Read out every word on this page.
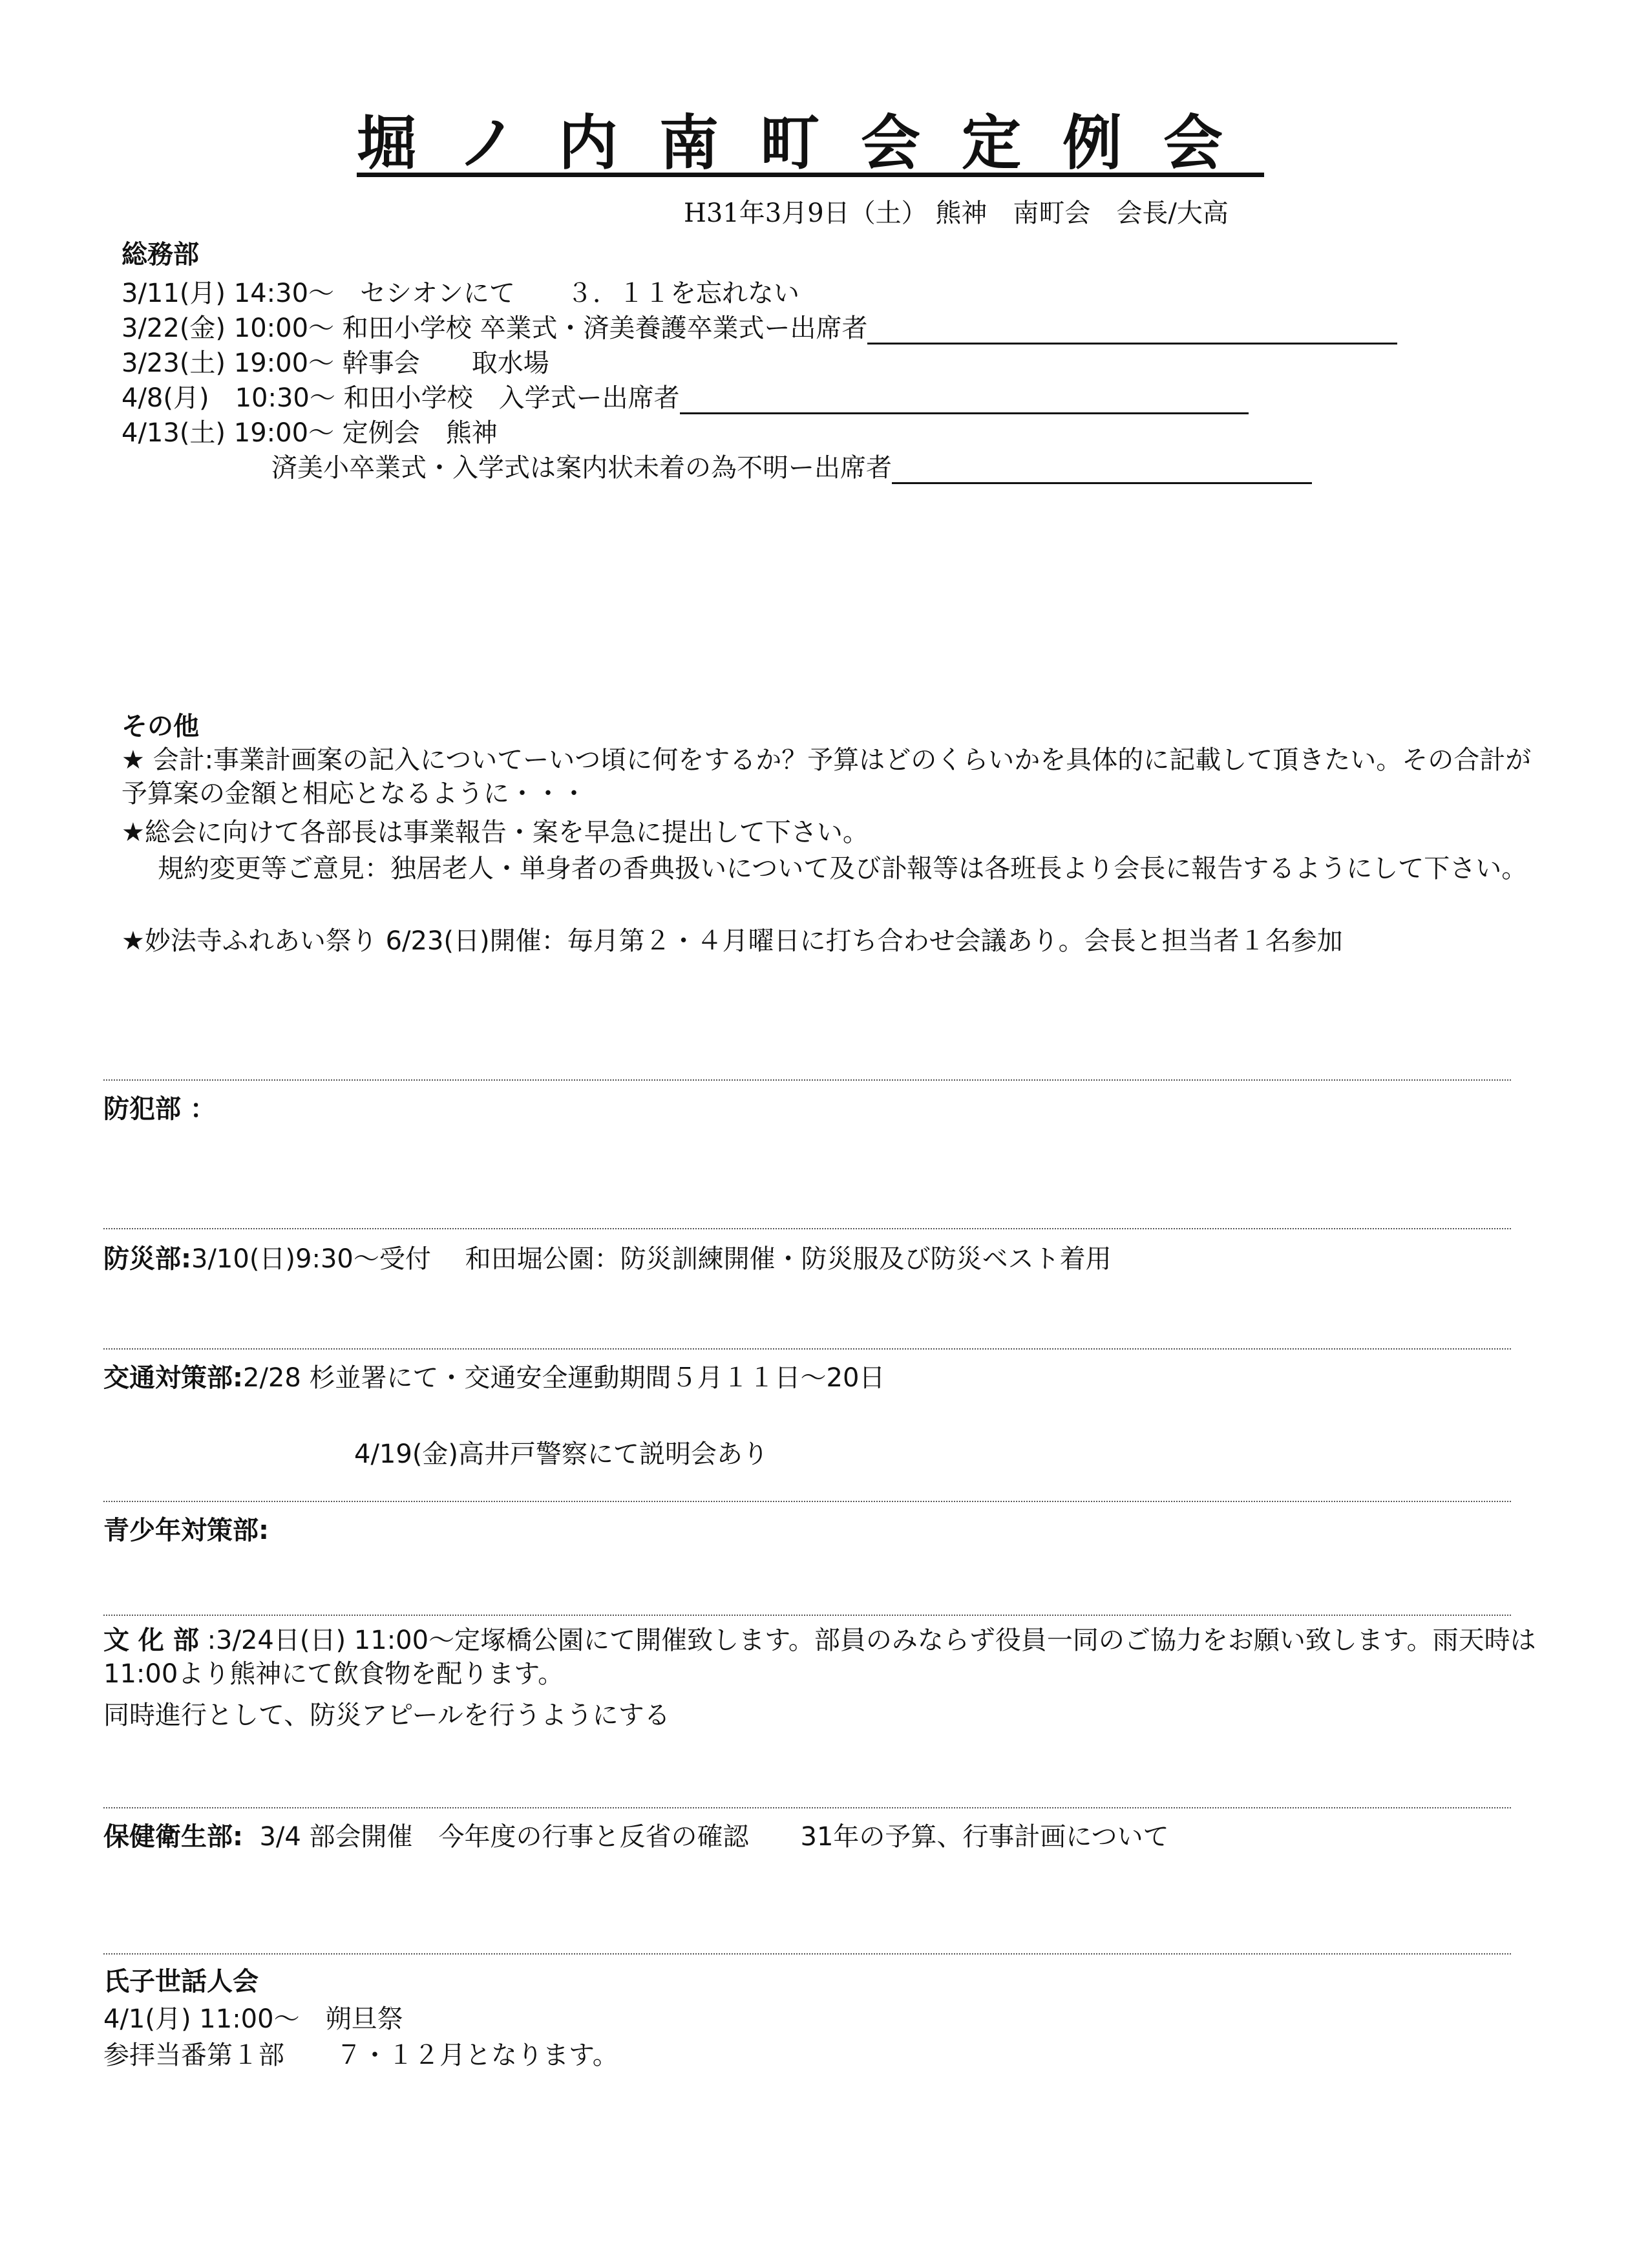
堀ノ内南町会定例会
H31年3月9日（土） 熊神　南町会　会長/大高
総務部
3/11(月) 14:30～　セシオンにて　　３．１１を忘れない
3/22(金) 10:00～ 和田小学校 卒業式・済美養護卒業式ー出席者
3/23(土) 19:00～ 幹事会　　取水場
4/8(月)　10:30～ 和田小学校　入学式ー出席者
4/13(土) 19:00～ 定例会　熊神
済美小卒業式・入学式は案内状未着の為不明ー出席者
その他
★ 会計:事業計画案の記入についてーいつ頃に何をするか？予算はどのくらいかを具体的に記載して頂きたい。その合計が予算案の金額と相応となるように・・・
★総会に向けて各部長は事業報告・案を早急に提出して下さい。
規約変更等ご意見：独居老人・単身者の香典扱いについて及び訃報等は各班長より会長に報告するようにして下さい。
★妙法寺ふれあい祭り 6/23(日)開催：毎月第２・４月曜日に打ち合わせ会議あり。会長と担当者１名参加
防犯部 ：
防災部:3/10(日)9:30～受付　 和田堀公園：防災訓練開催・防災服及び防災ベスト着用
交通対策部:2/28 杉並署にて・交通安全運動期間５月１１日～20日
4/19(金)高井戸警察にて説明会あり
青少年対策部:
文 化 部 :3/24日(日) 11:00～定塚橋公園にて開催致します。部員のみならず役員一同のご協力をお願い致します。雨天時は11:00より熊神にて飲食物を配ります。
同時進行として、防災アピールを行うようにする
保健衛生部: 3/4 部会開催　今年度の行事と反省の確認　　31年の予算、行事計画について
氏子世話人会
4/1(月) 11:00～　朔旦祭
参拝当番第１部　　７・１２月となります。
